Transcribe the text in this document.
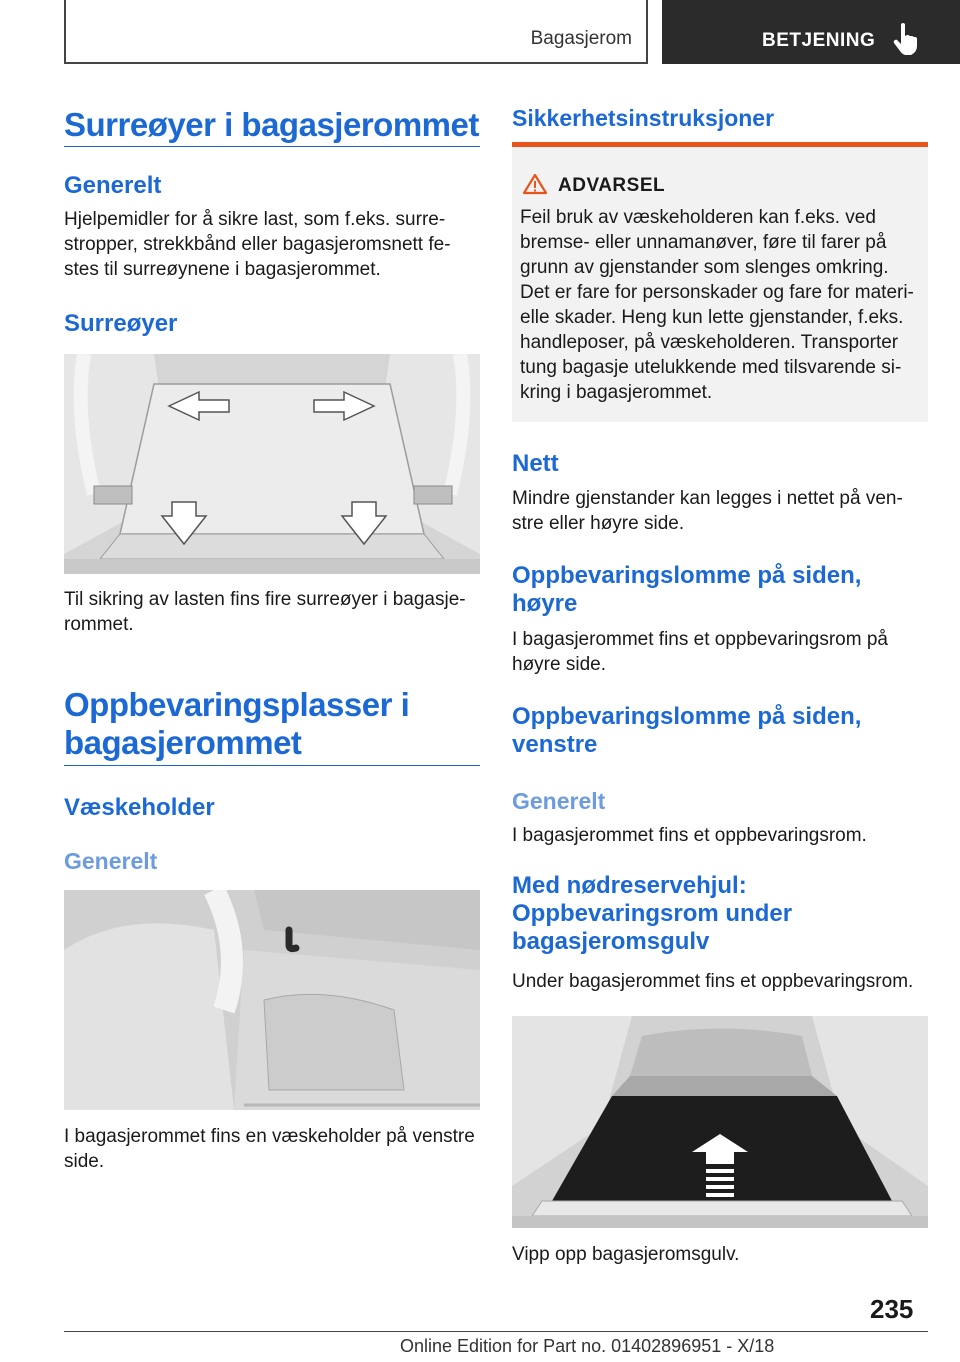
Bagasjerom	BETJENING
Surreøyer i bagasjerommet
Generelt

Hjelpemidler for å sikre last, som f.eks. surre-

stropper, strekkbånd eller bagasjeromsnett fe-

stes til surreøynene i bagasjerommet.

Surreøyer

Til sikring av lasten fins fire surreøyer i bagasje-

rommet.

Oppbevaringsplasser i
bagasjerommet
Væskeholder
Generelt

I bagasjerommet fins en væskeholder på venstre

side.

Sikkerhetsinstruksjoner
ADVARSEL

Feil bruk av væskeholderen kan f.eks. ved

bremse- eller unnamanøver, føre til farer på

grunn av gjenstander som slenges omkring.

Det er fare for personskader og fare for materi-

elle skader. Heng kun lette gjenstander, f.eks.

handleposer, på væskeholderen. Transporter

tung bagasje utelukkende med tilsvarende si-

kring i bagasjerommet.

Nett

Mindre gjenstander kan legges i nettet på ven-

stre eller høyre side.

Oppbevaringslomme på siden,
høyre

I bagasjerommet fins et oppbevaringsrom på

høyre side.

Oppbevaringslomme på siden,
venstre
Generelt

I bagasjerommet fins et oppbevaringsrom.

Med nødreservehjul:
Oppbevaringsrom under
bagasjeromsgulv

Under bagasjerommet fins et oppbevaringsrom.

Vipp opp bagasjeromsgulv.

235
Online Edition for Part no. 01402896951 - X/18
